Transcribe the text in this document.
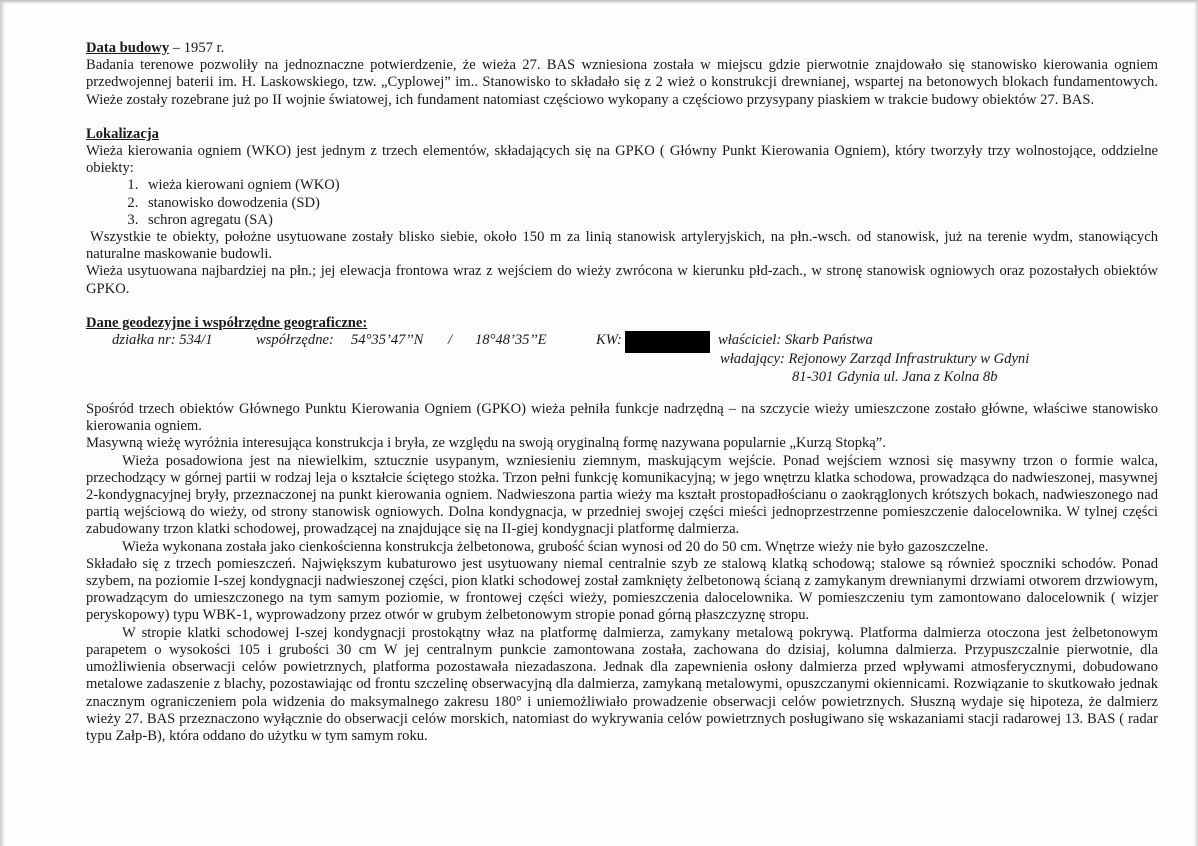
Data budowy – 1957 r.

Badania terenowe pozwoliły na jednoznaczne potwierdzenie, że wieża 27. BAS wzniesiona została w miejscu gdzie pierwotnie znajdowało się stanowisko kierowania ogniem przedwojennej baterii im. H. Laskowskiego, tzw. „Cyplowej” im.. Stanowisko to składało się z 2 wież o konstrukcji drewnianej, wspartej na betonowych blokach fundamentowych. Wieże zostały rozebrane już po II wojnie światowej, ich fundament natomiast częściowo wykopany a częściowo przysypany piaskiem w trakcie budowy obiektów 27. BAS.

Lokalizacja

Wieża kierowania ogniem (WKO) jest jednym z trzech elementów, składających się na GPKO ( Główny Punkt Kierowania Ogniem), który tworzyły trzy wolnostojące, oddzielne obiekty:

1. wieża kierowani ogniem (WKO)
2. stanowisko dowodzenia (SD)
3. schron agregatu (SA)

Wszystkie te obiekty, położne usytuowane zostały blisko siebie, około 150 m za linią stanowisk artyleryjskich, na płn.-wsch. od stanowisk, już na terenie wydm, stanowiących naturalne maskowanie budowli.

Wieża usytuowana najbardziej na płn.; jej elewacja frontowa wraz z wejściem do wieży zwrócona w kierunku płd-zach., w stronę stanowisk ogniowych oraz pozostałych obiektów GPKO.

Dane geodezyjne i współrzędne geograficzne:

działka nr: 534/1	współrzędne: 54°35’47’’N / 18°48’35’’E	KW:	właściciel: Skarb Państwa
władający: Rejonowy Zarząd Infrastruktury w Gdyni
81-301 Gdynia ul. Jana z Kolna 8b

Spośród trzech obiektów Głównego Punktu Kierowania Ogniem (GPKO) wieża pełniła funkcje nadrzędną – na szczycie wieży umieszczone zostało główne, właściwe stanowisko kierowania ogniem.

Masywną wieżę wyróżnia interesująca konstrukcja i bryła, ze względu na swoją oryginalną formę nazywana popularnie „Kurzą Stopką”.

Wieża posadowiona jest na niewielkim, sztucznie usypanym, wzniesieniu ziemnym, maskującym wejście. Ponad wejściem wznosi się masywny trzon o formie walca, przechodzący w górnej partii w rodzaj leja o kształcie ściętego stożka. Trzon pełni funkcję komunikacyjną; w jego wnętrzu klatka schodowa, prowadząca do nadwieszonej, masywnej 2-kondygnacyjnej bryły, przeznaczonej na punkt kierowania ogniem. Nadwieszona partia wieży ma kształt prostopadłościanu o zaokrąglonych krótszych bokach, nadwieszonego nad partią wejściową do wieży, od strony stanowisk ogniowych. Dolna kondygnacja, w przedniej swojej części mieści jednoprzestrzenne pomieszczenie dalocelownika. W tylnej części zabudowany trzon klatki schodowej, prowadzącej na znajdujące się na II-giej kondygnacji platformę dalmierza.

Wieża wykonana została jako cienkościenna konstrukcja żelbetonowa, grubość ścian wynosi od 20 do 50 cm. Wnętrze wieży nie było gazoszczelne.

Składało się z trzech pomieszczeń. Największym kubaturowo jest usytuowany niemal centralnie szyb ze stalową klatką schodową; stalowe są również spoczniki schodów. Ponad szybem, na poziomie I-szej kondygnacji nadwieszonej części, pion klatki schodowej został zamknięty żelbetonową ścianą z zamykanym drewnianymi drzwiami otworem drzwiowym, prowadzącym do umieszczonego na tym samym poziomie, w frontowej części wieży, pomieszczenia dalocelownika. W pomieszczeniu tym zamontowano dalocelownik ( wizjer peryskopowy) typu WBK-1, wyprowadzony przez otwór w grubym żelbetonowym stropie ponad górną płaszczyznę stropu.

W stropie klatki schodowej I-szej kondygnacji prostokątny właz na platformę dalmierza, zamykany metalową pokrywą. Platforma dalmierza otoczona jest żelbetonowym parapetem o wysokości 105 i grubości 30 cm W jej centralnym punkcie zamontowana została, zachowana do dzisiaj, kolumna dalmierza. Przypuszczalnie pierwotnie, dla umożliwienia obserwacji celów powietrznych, platforma pozostawała niezadaszona. Jednak dla zapewnienia osłony dalmierza przed wpływami atmosferycznymi, dobudowano metalowe zadaszenie z blachy, pozostawiając od frontu szczelinę obserwacyjną dla dalmierza, zamykaną metalowymi, opuszczanymi okiennicami. Rozwiązanie to skutkowało jednak znacznym ograniczeniem pola widzenia do maksymalnego zakresu 180° i uniemożliwiało prowadzenie obserwacji celów powietrznych. Słuszną wydaje się hipoteza, że dalmierz wieży 27. BAS przeznaczono wyłącznie do obserwacji celów morskich, natomiast do wykrywania celów powietrznych posługiwano się wskazaniami stacji radarowej 13. BAS ( radar typu Załp-B), która oddano do użytku w tym samym roku.
